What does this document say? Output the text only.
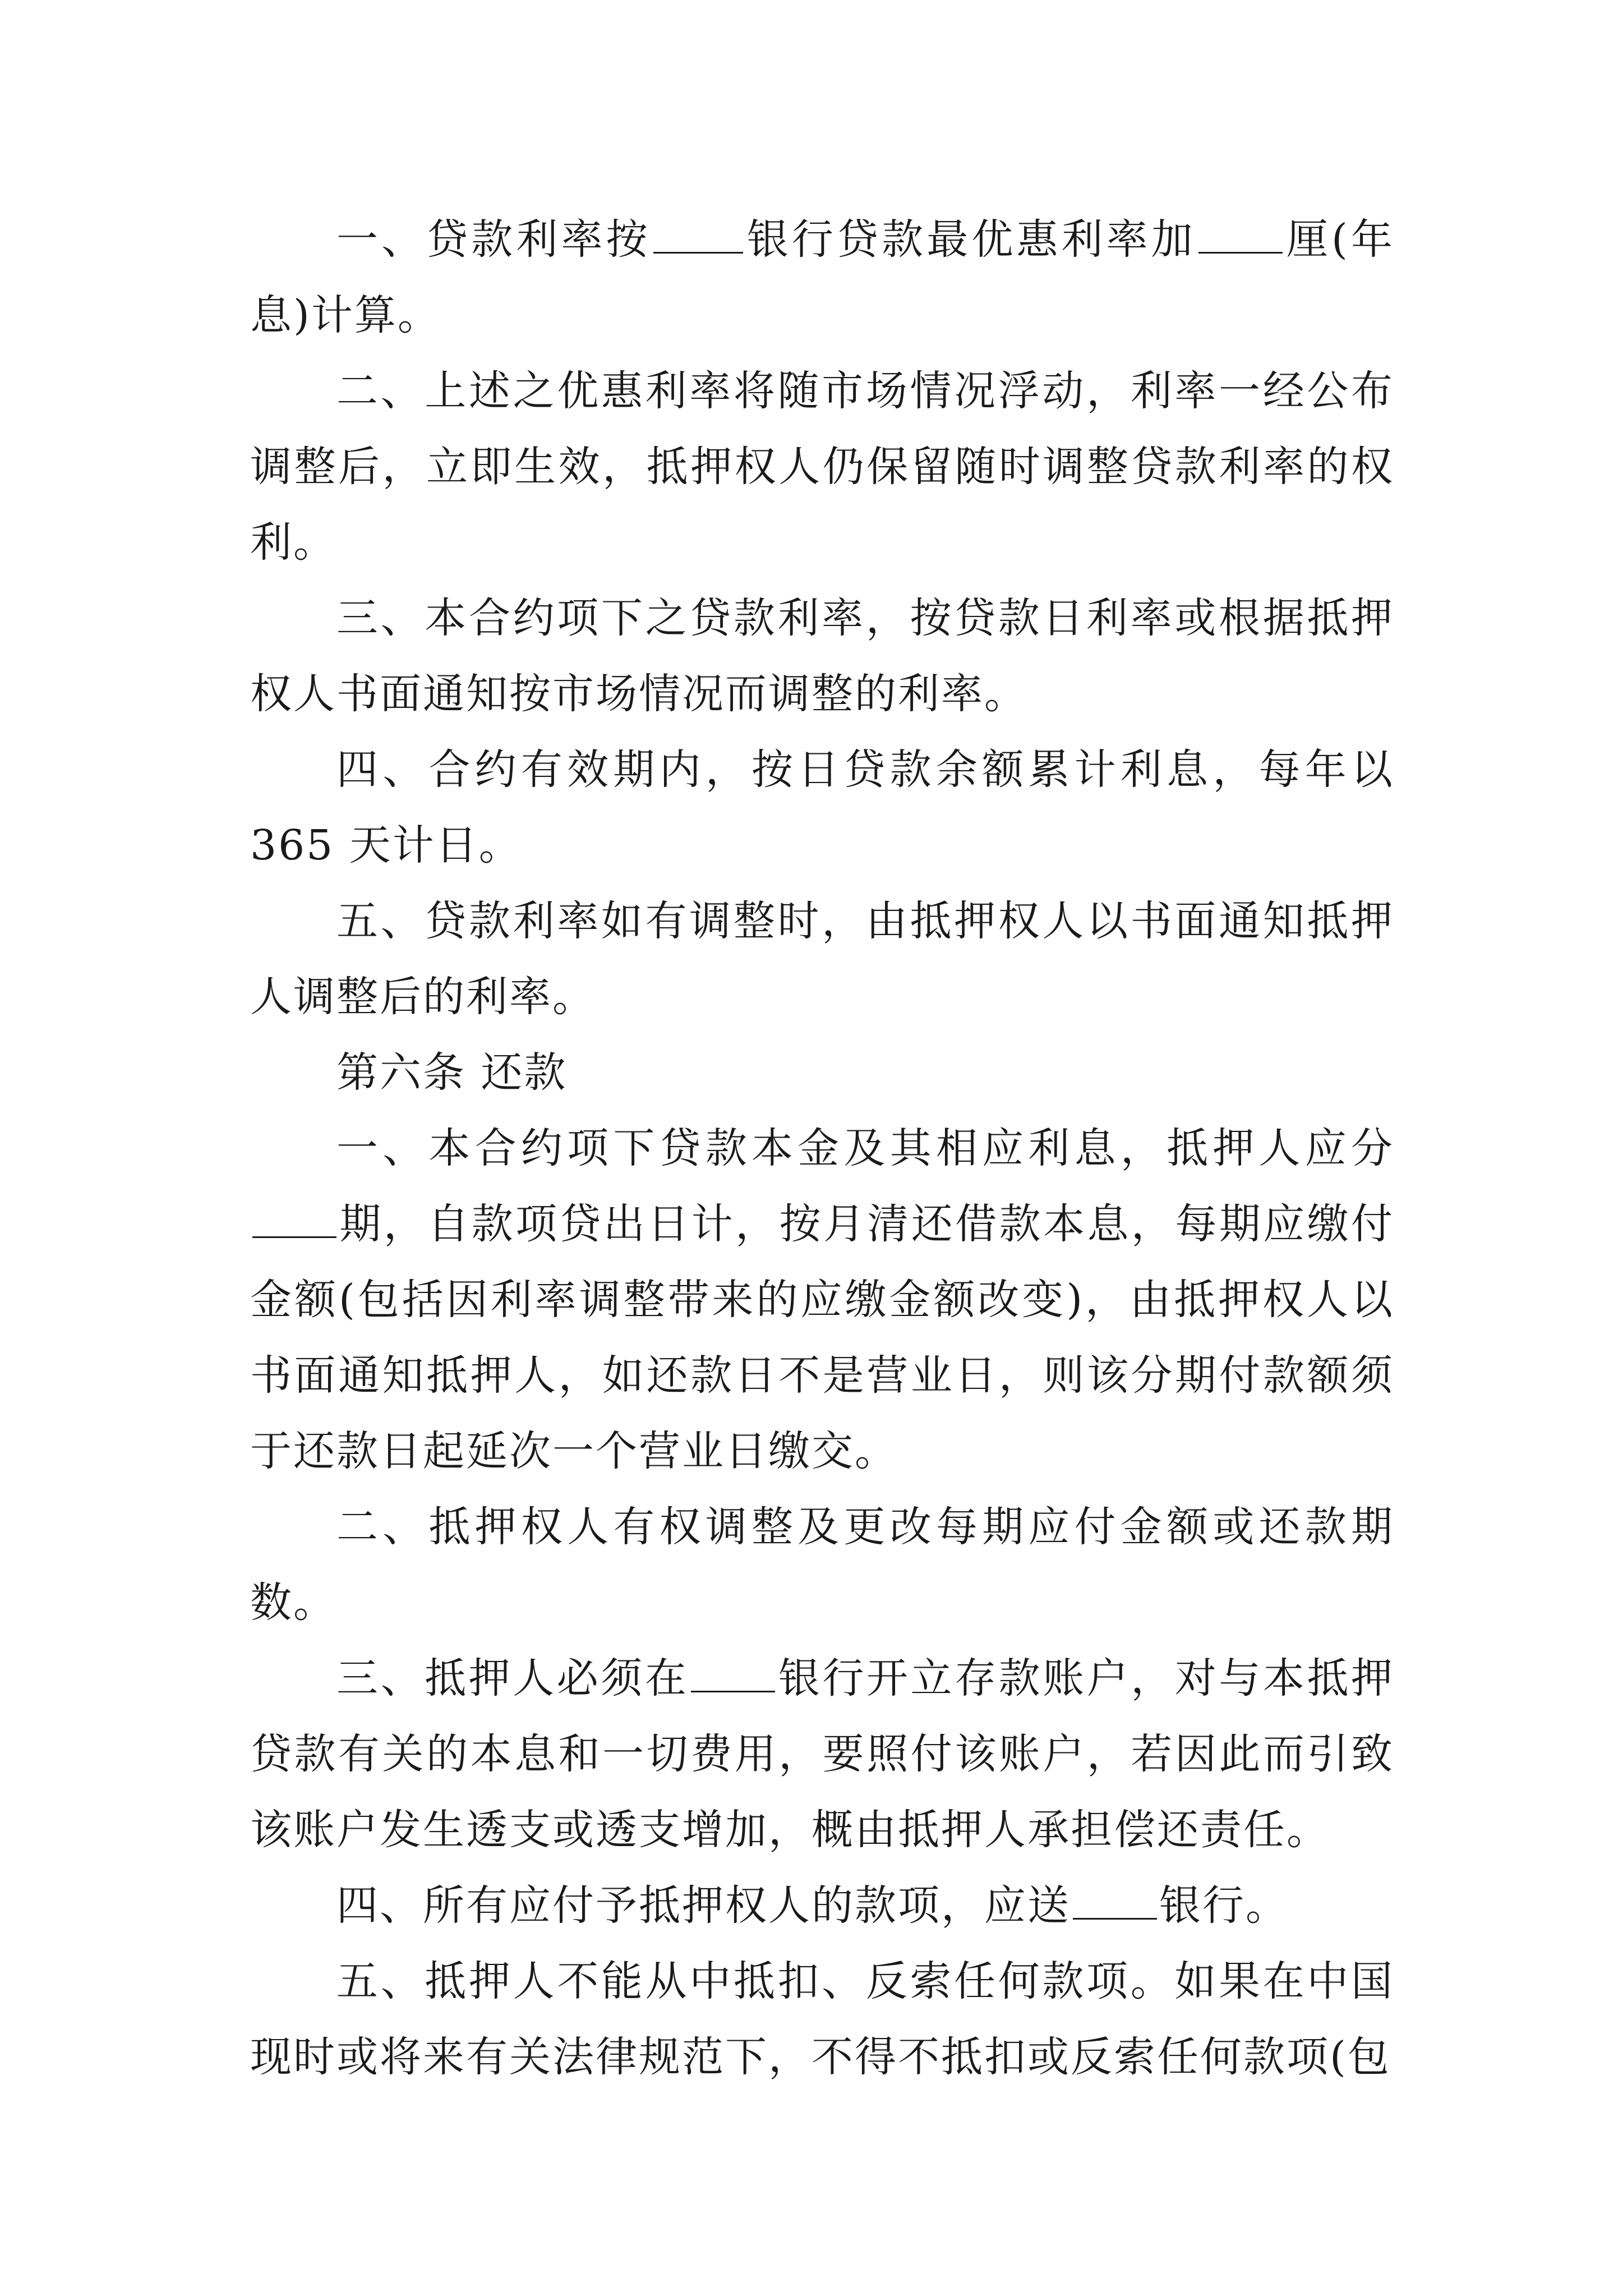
一、贷款利率按 银行贷款最优惠利率加 厘(年息)计算。

二、上述之优惠利率将随市场情况浮动，利率一经公布调整后，立即生效，抵押权人仍保留随时调整贷款利率的权利。

三、本合约项下之贷款利率，按贷款日利率或根据抵押权人书面通知按市场情况而调整的利率。

四、合约有效期内，按日贷款余额累计利息，每年以 365 天计日。

五、贷款利率如有调整时，由抵押权人以书面通知抵押人调整后的利率。

第六条 还款

一、本合约项下贷款本金及其相应利息，抵押人应分期，自款项贷出日计，按月清还借款本息，每期应缴付金额(包括因利率调整带来的应缴金额改变)，由抵押权人以书面通知抵押人，如还款日不是营业日，则该分期付款额须于还款日起延次一个营业日缴交。

二、抵押权人有权调整及更改每期应付金额或还款期数。

三、抵押人必须在 银行开立存款账户，对与本抵押贷款有关的本息和一切费用，要照付该账户，若因此而引致该账户发生透支或透支增加，概由抵押人承担偿还责任。

四、所有应付予抵押权人的款项，应送 银行。

五、抵押人不能从中抵扣、反索任何款项。如果在中国现时或将来有关法律规范下，不得不抵扣或反索任何款项(包
